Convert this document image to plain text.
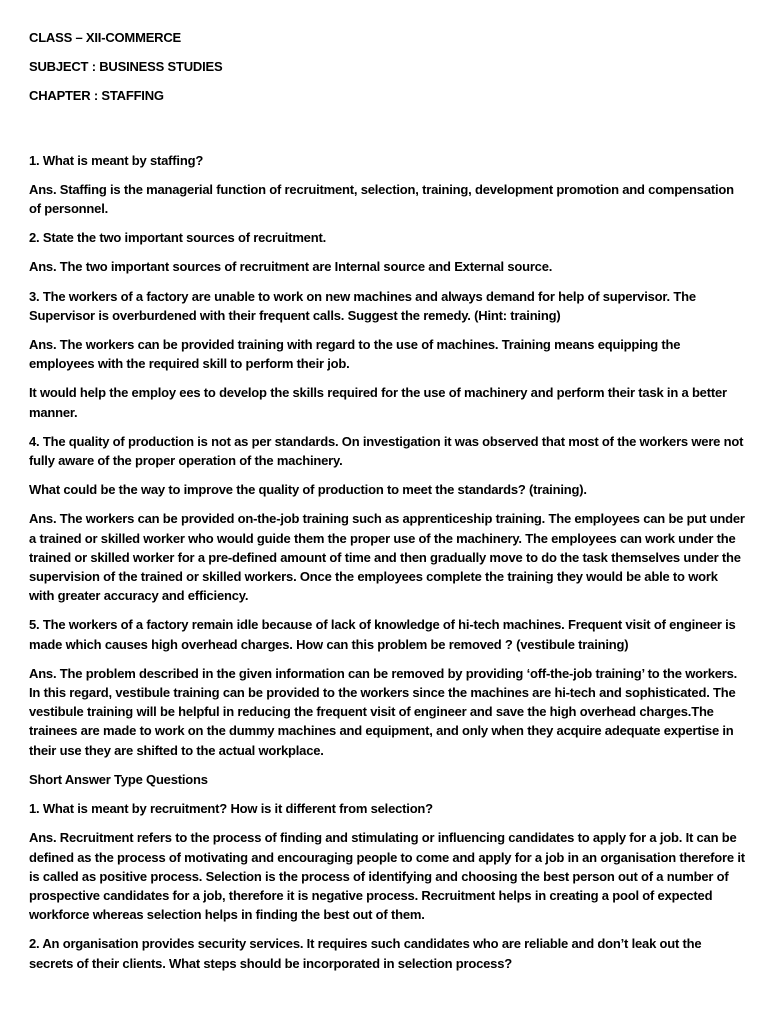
CLASS – XII-COMMERCE

SUBJECT : BUSINESS STUDIES

CHAPTER : STAFFING

1. What is meant by staffing?

Ans. Staffing is the managerial function of recruitment, selection, training, development promotion and compensation of personnel.

2. State the two important sources of recruitment.

Ans. The two important sources of recruitment are Internal source and External source.

3. The workers of a factory are unable to work on new machines and always demand for help of supervisor. The Supervisor is overburdened with their frequent calls. Suggest the remedy. (Hint: training)

Ans. The workers can be provided training with regard to the use of machines. Training means equipping the employees with the required skill to perform their job.

It would help the employ ees to develop the skills required for the use of machinery and perform their task in a better manner.

4. The quality of production is not as per standards. On investigation it was observed that most of the workers were not fully aware of the proper operation of the machinery.

What could be the way to improve the quality of production to meet the standards? (training).

Ans. The workers can be provided on-the-job training such as apprenticeship training. The employees can be put under a trained or skilled worker who would guide them the proper use of the machinery. The employees can work under the trained or skilled worker for a pre-defined amount of time and then gradually move to do the task themselves under the supervision of the trained or skilled workers. Once the employees complete the training they would be able to work with greater accuracy and efficiency.

5. The workers of a factory remain idle because of lack of knowledge of hi-tech machines. Frequent visit of engineer is made which causes high overhead charges. How can this problem be removed ? (vestibule training)

Ans. The problem described in the given information can be removed by providing ‘off-the-job training’ to the workers. In this regard, vestibule training can be provided to the workers since the machines are hi-tech and sophisticated. The vestibule training will be helpful in reducing the frequent visit of engineer and save the high overhead charges.The trainees are made to work on the dummy machines and equipment, and only when they acquire adequate expertise in their use they are shifted to the actual workplace.

Short Answer Type Questions

1. What is meant by recruitment? How is it different from selection?

Ans. Recruitment refers to the process of finding and stimulating or influencing candidates to apply for a job. It can be defined as the process of motivating and encouraging people to come and apply for a job in an organisation therefore it is called as positive process. Selection is the process of identifying and choosing the best person out of a number of prospective candidates for a job, therefore it is negative process. Recruitment helps in creating a pool of expected workforce whereas selection helps in finding the best out of them.

2. An organisation provides security services. It requires such candidates who are reliable and don’t leak out the secrets of their clients. What steps should be incorporated in selection process?
